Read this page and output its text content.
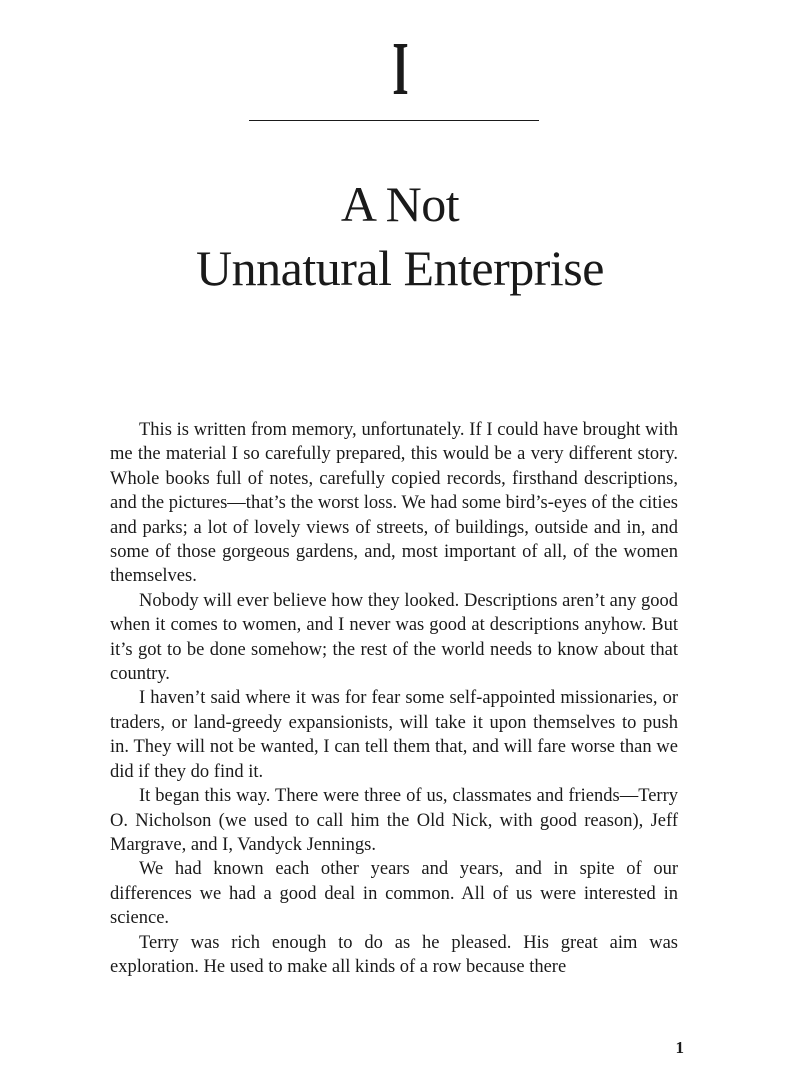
I
A Not
Unnatural Enterprise

This is written from memory, unfortunately. If I could have brought with me the material I so carefully prepared, this would be a very different story. Whole books full of notes, carefully copied records, firsthand descriptions, and the pictures—that’s the worst loss. We had some bird’s-eyes of the cities and parks; a lot of lovely views of streets, of buildings, outside and in, and some of those gorgeous gardens, and, most important of all, of the women themselves.

Nobody will ever believe how they looked. Descriptions aren’t any good when it comes to women, and I never was good at descriptions anyhow. But it’s got to be done somehow; the rest of the world needs to know about that country.

I haven’t said where it was for fear some self-appointed missionaries, or traders, or land-greedy expansionists, will take it upon themselves to push in. They will not be wanted, I can tell them that, and will fare worse than we did if they do find it.

It began this way. There were three of us, classmates and friends—Terry O. Nicholson (we used to call him the Old Nick, with good reason), Jeff Margrave, and I, Vandyck Jennings.

We had known each other years and years, and in spite of our differences we had a good deal in common. All of us were interested in science.

Terry was rich enough to do as he pleased. His great aim was exploration. He used to make all kinds of a row because there

1
